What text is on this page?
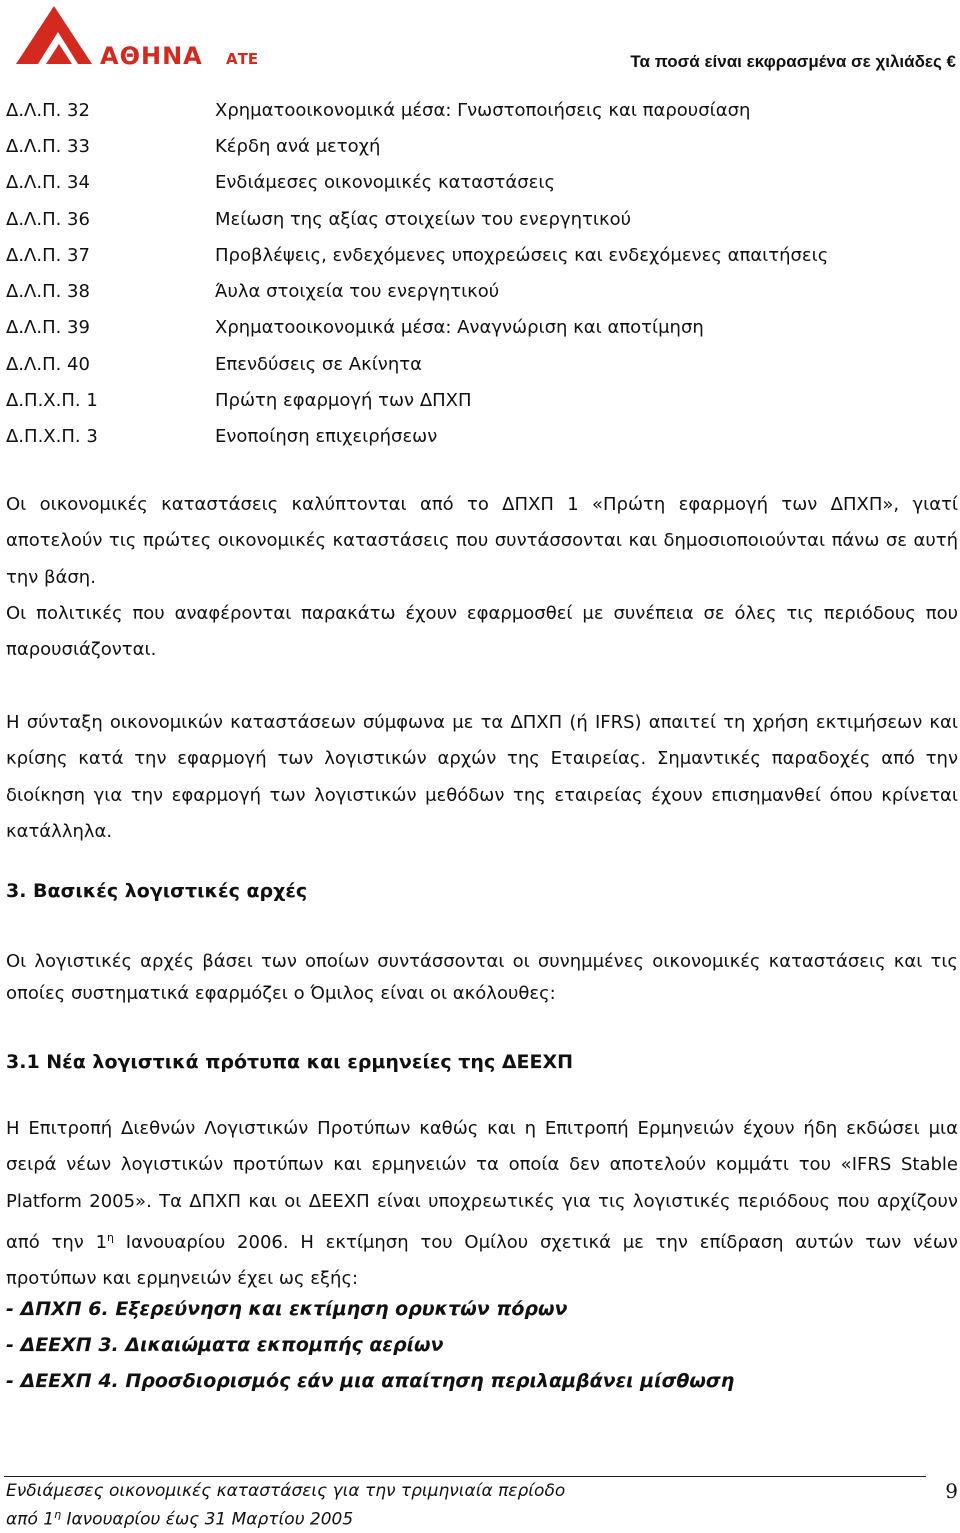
ΑΘΗΝΑ ΑΤΕ	Τα ποσά είναι εκφρασμένα σε χιλιάδες €
Δ.Λ.Π. 32	Χρηματοοικονομικά μέσα: Γνωστοποιήσεις και παρουσίαση
Δ.Λ.Π. 33	Κέρδη ανά μετοχή
Δ.Λ.Π. 34	Ενδιάμεσες οικονομικές καταστάσεις
Δ.Λ.Π. 36	Μείωση της αξίας στοιχείων του ενεργητικού
Δ.Λ.Π. 37	Προβλέψεις, ενδεχόμενες υποχρεώσεις και ενδεχόμενες απαιτήσεις
Δ.Λ.Π. 38	Άυλα στοιχεία του ενεργητικού
Δ.Λ.Π. 39	Χρηματοοικονομικά μέσα: Αναγνώριση και αποτίμηση
Δ.Λ.Π. 40	Επενδύσεις σε Ακίνητα
Δ.Π.Χ.Π. 1	Πρώτη εφαρμογή των ΔΠΧΠ
Δ.Π.Χ.Π. 3	Ενοποίηση επιχειρήσεων

Οι οικονομικές καταστάσεις καλύπτονται από το ΔΠΧΠ 1 «Πρώτη εφαρμογή των ΔΠΧΠ», γιατί αποτελούν τις πρώτες οικονομικές καταστάσεις που συντάσσονται και δημοσιοποιούνται πάνω σε αυτή την βάση.

Οι πολιτικές που αναφέρονται παρακάτω έχουν εφαρμοσθεί με συνέπεια σε όλες τις περιόδους που παρουσιάζονται.

Η σύνταξη οικονομικών καταστάσεων σύμφωνα με τα ΔΠΧΠ (ή IFRS) απαιτεί τη χρήση εκτιμήσεων και κρίσης κατά την εφαρμογή των λογιστικών αρχών της Εταιρείας. Σημαντικές παραδοχές από την διοίκηση για την εφαρμογή των λογιστικών μεθόδων της εταιρείας έχουν επισημανθεί όπου κρίνεται κατάλληλα.

3. Βασικές λογιστικές αρχές

Οι λογιστικές αρχές βάσει των οποίων συντάσσονται οι συνημμένες οικονομικές καταστάσεις και τις οποίες συστηματικά εφαρμόζει ο Όμιλος είναι οι ακόλουθες:

3.1 Νέα λογιστικά πρότυπα και ερμηνείες της ΔΕΕΧΠ

Η Επιτροπή Διεθνών Λογιστικών Προτύπων καθώς και η Επιτροπή Ερμηνειών έχουν ήδη εκδώσει μια σειρά νέων λογιστικών προτύπων και ερμηνειών τα οποία δεν αποτελούν κομμάτι του «IFRS Stable Platform 2005». Τα ΔΠΧΠ και οι ΔΕΕΧΠ είναι υποχρεωτικές για τις λογιστικές περιόδους που αρχίζουν από την $1^\eta$ Ιανουαρίου 2006. Η εκτίμηση του Ομίλου σχετικά με την επίδραση αυτών των νέων προτύπων και ερμηνειών έχει ως εξής:

- ΔΠΧΠ 6. Εξερεύνηση και εκτίμηση ορυκτών πόρων

- ΔΕΕΧΠ 3. Δικαιώματα εκπομπής αερίων

- ΔΕΕΧΠ 4. Προσδιορισμός εάν μια απαίτηση περιλαμβάνει μίσθωση

Ενδιάμεσες οικονομικές καταστάσεις για την τριμηνιαία περίοδο
από $1^\eta$ Ιανουαρίου έως 31 Μαρτίου 2005
9
